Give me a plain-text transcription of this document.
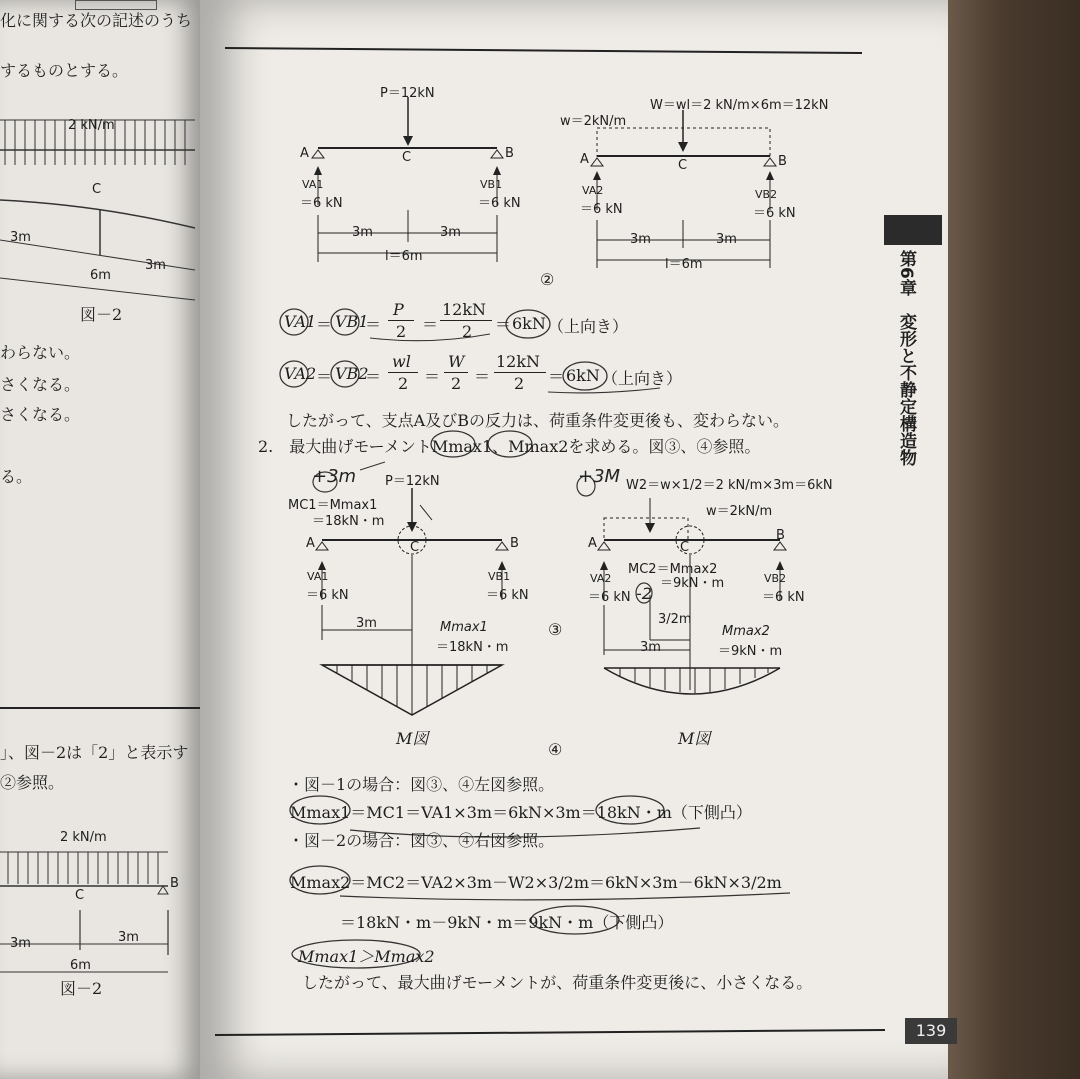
化に関する次の記述のうち
するものとする。
2 kN/m
C
3m
3m
6m
図－2
わらない。
さくなる。
さくなる。
る。
」、図－2は「2」と表示す
②参照。
2 kN/m
C
B
3m	3m
6m
図－2
P＝12kN
A	C	B
VA1
＝6 kN
VB1
＝6 kN
3m	3m
l＝6m
W＝wl＝2 kN/m×6m＝12kN
w＝2kN/m
A	C	B
VA2
＝6 kN
VB2
＝6 kN
3m	3m
l＝6m
②
VA1 ＝ VB1
＝
P
2 ＝
12kN
2 ＝ 6kN （上向き）
VA2 ＝ VB2
＝
wl
2 ＝
W
2 ＝
12kN
2 ＝ 6kN （上向き）
したがって、支点A及びBの反力は、荷重条件変更後も、変わらない。
2.　最大曲げモーメントMmax1、Mmax2を求める。図③、④参照。
+3m P＝12kN
MC1＝Mmax1
＝18kN・m
A	C	B
VA1
＝6 kN
VB1
＝6 kN
3m	Mmax1
＝18kN・m
M図
+3M W2＝w×1/2＝2 kN/m×3m＝6kN
w＝2kN/m
A	C
B
MC2＝Mmax2
＝9kN・m
VA2
＝6 kN
VB2
＝6 kN
-2
3/2m
3m
Mmax2
＝9kN・m
M図
③
④
・図－1の場合：図③、④左図参照。
Mmax1＝MC1＝VA1×3m＝6kN×3m＝18kN・m（下側凸）
・図－2の場合：図③、④右図参照。
Mmax2＝MC2＝VA2×3m－W2×3/2m＝6kN×3m－6kN×3/2m
＝18kN・m－9kN・m＝9kN・m（下側凸）
Mmax1＞Mmax2
したがって、最大曲げモーメントが、荷重条件変更後に、小さくなる。
第6章　変形と不静定構造物
139
